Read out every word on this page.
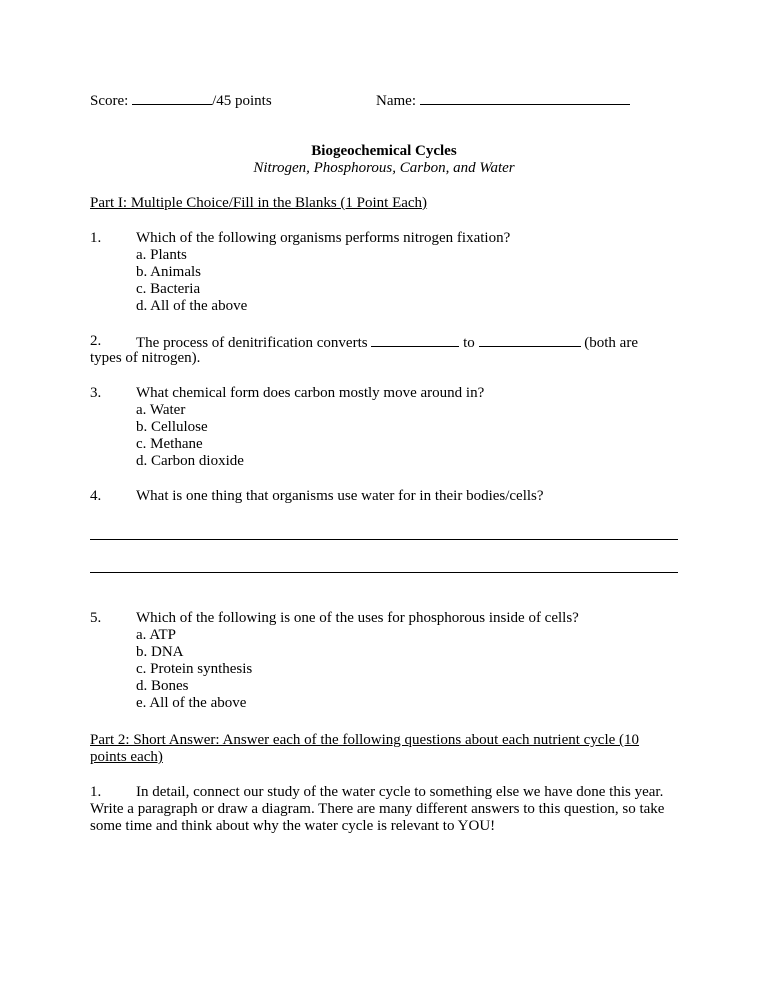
Score:	/45 points	Name:
Biogeochemical Cycles
Nitrogen, Phosphorous, Carbon, and Water
Part I: Multiple Choice/Fill in the Blanks (1 Point Each)
1. Which of the following organisms performs nitrogen fixation?
a. Plants
b. Animals
c. Bacteria
d. All of the above
2. The process of denitrification converts	to	(both are
types of nitrogen).
3. What chemical form does carbon mostly move around in?
a. Water
b. Cellulose
c. Methane
d. Carbon dioxide
4. What is one thing that organisms use water for in their bodies/cells?
5. Which of the following is one of the uses for phosphorous inside of cells?
a. ATP
b. DNA
c. Protein synthesis
d. Bones
e. All of the above
Part 2: Short Answer: Answer each of the following questions about each nutrient cycle (10
points each)
1. In detail, connect our study of the water cycle to something else we have done this year.
Write a paragraph or draw a diagram. There are many different answers to this question, so take
some time and think about why the water cycle is relevant to YOU!
